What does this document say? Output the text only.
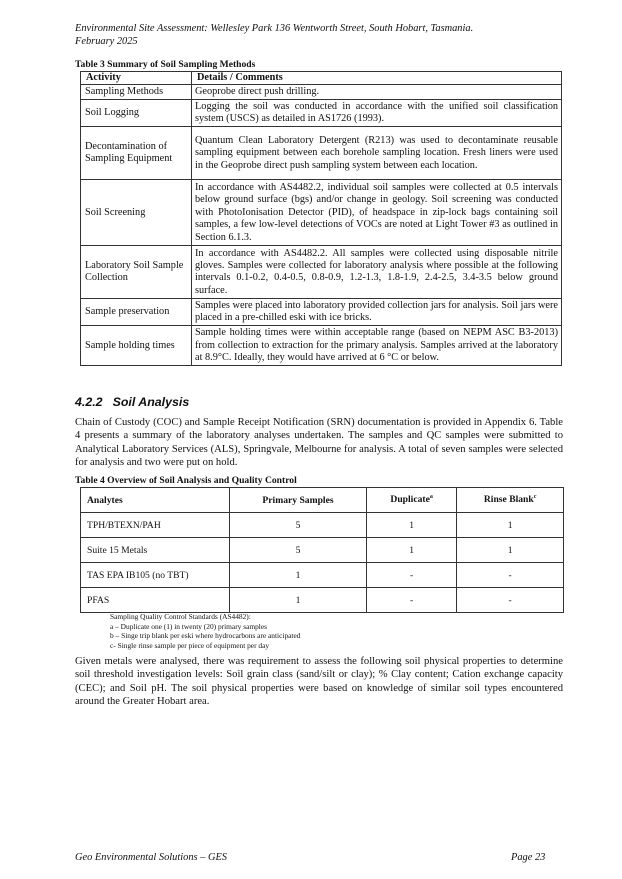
Environmental Site Assessment: Wellesley Park 136 Wentworth Street, South Hobart, Tasmania.
February 2025
Table 3 Summary of Soil Sampling Methods
Activity	Details / Comments
Sampling Methods	Geoprobe direct push drilling.
Soil Logging	Logging the soil was conducted in accordance with the unified soil classification system (USCS) as detailed in AS1726 (1993).
Decontamination of Sampling Equipment	Quantum Clean Laboratory Detergent (R213) was used to decontaminate reusable sampling equipment between each borehole sampling location. Fresh liners were used in the Geoprobe direct push sampling system between each location.
Soil Screening	In accordance with AS4482.2, individual soil samples were collected at 0.5 intervals below ground surface (bgs) and/or change in geology. Soil screening was conducted with PhotoIonisation Detector (PID), of headspace in zip-lock bags containing soil samples, a few low-level detections of VOCs are noted at Light Tower #3 as outlined in Section 6.1.3.
Laboratory Soil Sample Collection	In accordance with AS4482.2. All samples were collected using disposable nitrile gloves. Samples were collected for laboratory analysis where possible at the following intervals 0.1-0.2, 0.4-0.5, 0.8-0.9, 1.2-1.3, 1.8-1.9, 2.4-2.5, 3.4-3.5 below ground surface.
Sample preservation	Samples were placed into laboratory provided collection jars for analysis. Soil jars were placed in a pre-chilled eski with ice bricks.
Sample holding times	Sample holding times were within acceptable range (based on NEPM ASC B3-2013) from collection to extraction for the primary analysis. Samples arrived at the laboratory at 8.9°C. Ideally, they would have arrived at 6 °C or below.
4.2.2 Soil Analysis

Chain of Custody (COC) and Sample Receipt Notification (SRN) documentation is provided in Appendix 6. Table 4 presents a summary of the laboratory analyses undertaken. The samples and QC samples were submitted to Analytical Laboratory Services (ALS), Springvale, Melbourne for analysis. A total of seven samples were selected for analysis and two were put on hold.

Table 4 Overview of Soil Analysis and Quality Control
Analytes	Primary Samples	Duplicate$^a$	Rinse Blank$^c$
TPH/BTEXN/PAH	5	1	1
Suite 15 Metals	5	1	1
TAS EPA IB105 (no TBT)	1	-	-
PFAS	1	-	-
Sampling Quality Control Standards (AS4482):
a – Duplicate one (1) in twenty (20) primary samples
b – Singe trip blank per eski where hydrocarbons are anticipated
c- Single rinse sample per piece of equipment per day

Given metals were analysed, there was requirement to assess the following soil physical properties to determine soil threshold investigation levels: Soil grain class (sand/silt or clay); % Clay content; Cation exchange capacity (CEC); and Soil pH. The soil physical properties were based on knowledge of similar soil types encountered around the Greater Hobart area.

Geo Environmental Solutions – GES	Page 23
